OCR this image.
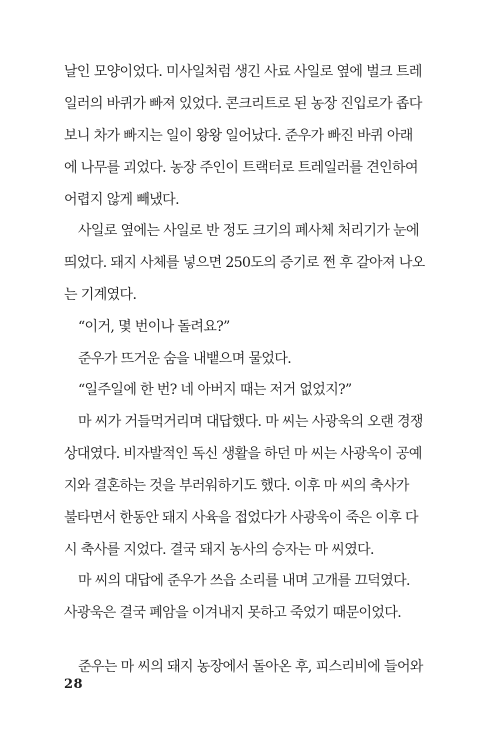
날인 모양이었다. 미사일처럼 생긴 사료 사일로 옆에 벌크 트레
일러의 바퀴가 빠져 있었다. 콘크리트로 된 농장 진입로가 좁다
보니 차가 빠지는 일이 왕왕 일어났다. 준우가 빠진 바퀴 아래
에 나무를 괴었다. 농장 주인이 트랙터로 트레일러를 견인하여
어렵지 않게 빼냈다.
사일로 옆에는 사일로 반 정도 크기의 폐사체 처리기가 눈에
띄었다. 돼지 사체를 넣으면 250도의 증기로 쩐 후 갈아져 나오
는 기계였다.
“이거, 몇 번이나 돌려요?”
준우가 뜨거운 숨을 내뱉으며 물었다.
“일주일에 한 번? 네 아버지 때는 저거 없었지?”
마 씨가 거들먹거리며 대답했다. 마 씨는 사광욱의 오랜 경쟁
상대였다. 비자발적인 독신 생활을 하던 마 씨는 사광욱이 공예
지와 결혼하는 것을 부러워하기도 했다. 이후 마 씨의 축사가
불타면서 한동안 돼지 사육을 접었다가 사광욱이 죽은 이후 다
시 축사를 지었다. 결국 돼지 농사의 승자는 마 씨였다.
마 씨의 대답에 준우가 쓰읍 소리를 내며 고개를 끄덕였다.
사광욱은 결국 폐암을 이겨내지 못하고 죽었기 때문이었다.
준우는 마 씨의 돼지 농장에서 돌아온 후, 피스리비에 들어와
28
